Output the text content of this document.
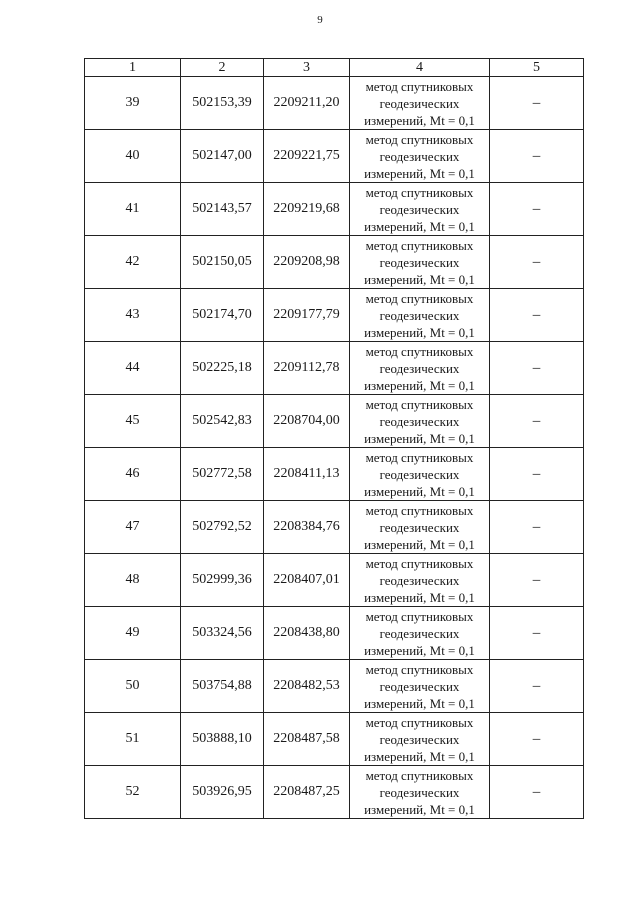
9
1	2	3	4	5
39	502153,39	2209211,20	метод спутниковых
геодезических
измерений, Mt = 0,1	–
40	502147,00	2209221,75	метод спутниковых
геодезических
измерений, Mt = 0,1	–
41	502143,57	2209219,68	метод спутниковых
геодезических
измерений, Mt = 0,1	–
42	502150,05	2209208,98	метод спутниковых
геодезических
измерений, Mt = 0,1	–
43	502174,70	2209177,79	метод спутниковых
геодезических
измерений, Mt = 0,1	–
44	502225,18	2209112,78	метод спутниковых
геодезических
измерений, Mt = 0,1	–
45	502542,83	2208704,00	метод спутниковых
геодезических
измерений, Mt = 0,1	–
46	502772,58	2208411,13	метод спутниковых
геодезических
измерений, Mt = 0,1	–
47	502792,52	2208384,76	метод спутниковых
геодезических
измерений, Mt = 0,1	–
48	502999,36	2208407,01	метод спутниковых
геодезических
измерений, Mt = 0,1	–
49	503324,56	2208438,80	метод спутниковых
геодезических
измерений, Mt = 0,1	–
50	503754,88	2208482,53	метод спутниковых
геодезических
измерений, Mt = 0,1	–
51	503888,10	2208487,58	метод спутниковых
геодезических
измерений, Mt = 0,1	–
52	503926,95	2208487,25	метод спутниковых
геодезических
измерений, Mt = 0,1	–
